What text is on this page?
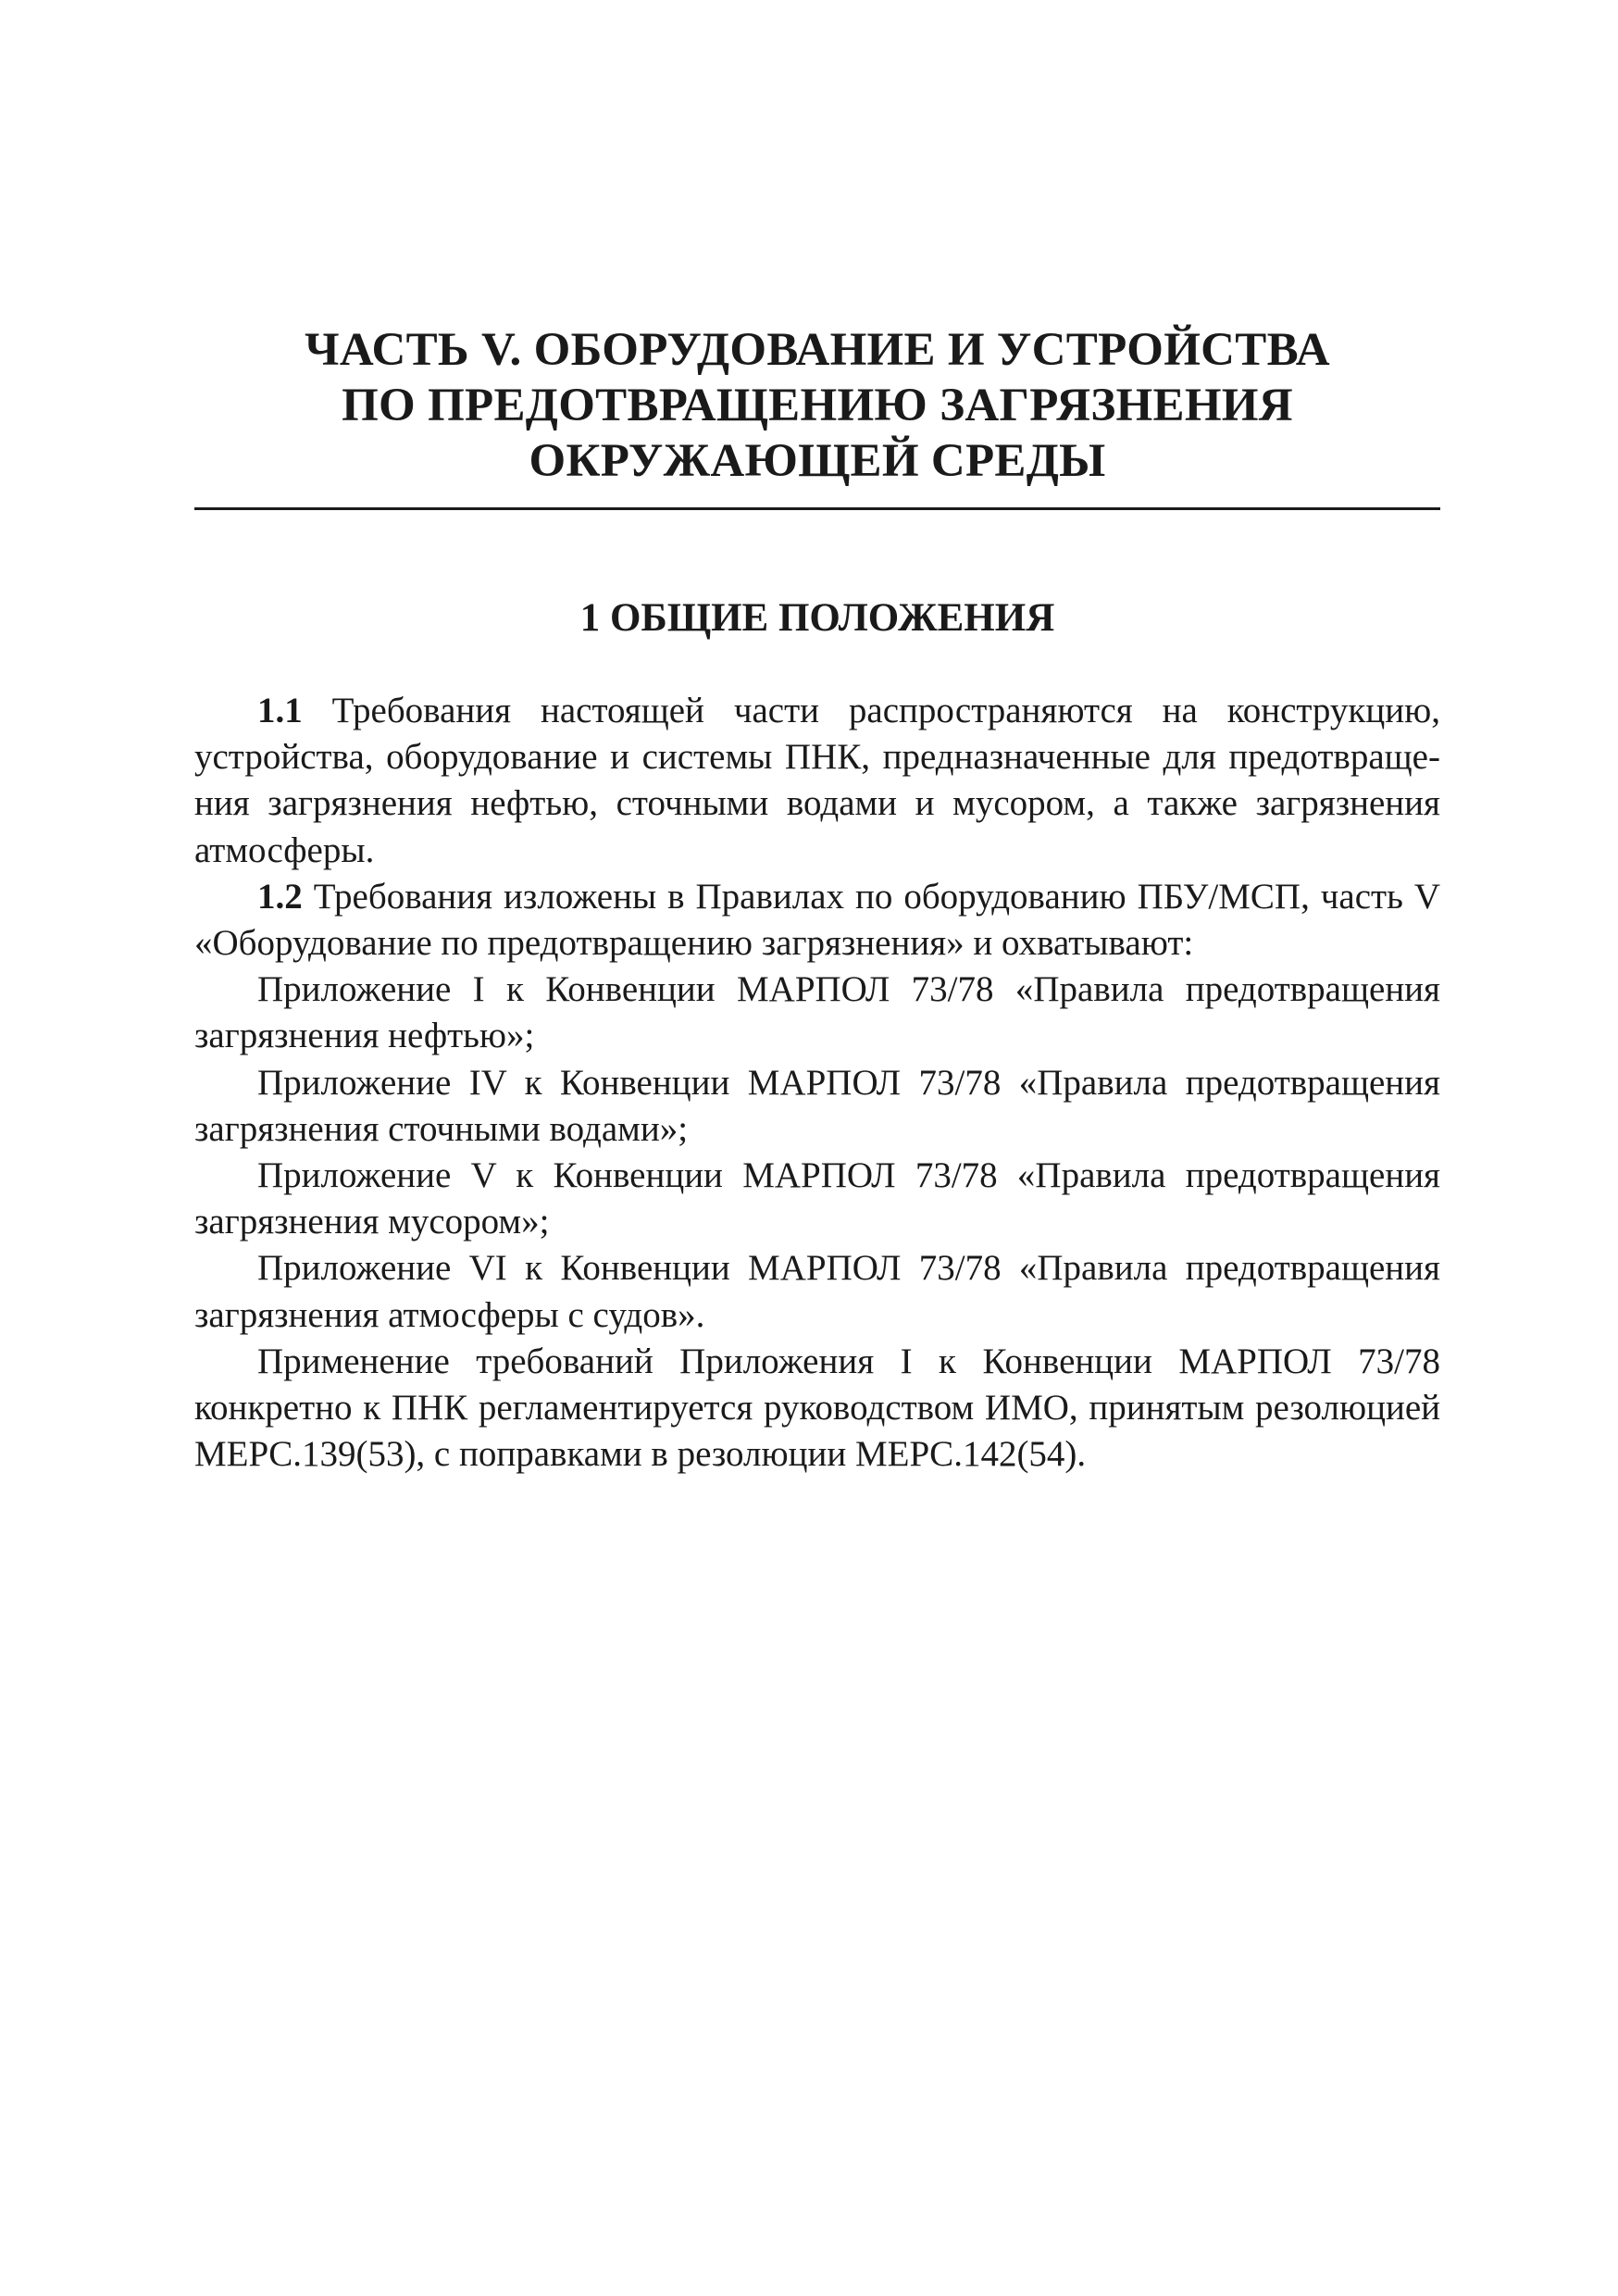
ЧАСТЬ V. ОБОРУДОВАНИЕ И УСТРОЙСТВА
ПО ПРЕДОТВРАЩЕНИЮ ЗАГРЯЗНЕНИЯ
ОКРУЖАЮЩЕЙ СРЕДЫ
1 ОБЩИЕ ПОЛОЖЕНИЯ

1.1 Требования настоящей части распространяются на конструкцию, устройства, оборудование и системы ПНК, предназначенные для предотвращения загрязнения нефтью, сточными водами и мусором, а также загрязнения атмосферы.

1.2 Требования изложены в Правилах по оборудованию ПБУ/МСП, часть V «Оборудование по предотвращению загрязнения» и охватывают:

Приложение I к Конвенции МАРПОЛ 73/78 «Правила предотвращения загрязнения нефтью»;

Приложение IV к Конвенции МАРПОЛ 73/78 «Правила предотвращения загрязнения сточными водами»;

Приложение V к Конвенции МАРПОЛ 73/78 «Правила предотвращения загрязнения мусором»;

Приложение VI к Конвенции МАРПОЛ 73/78 «Правила предотвращения загрязнения атмосферы с судов».

Применение требований Приложения I к Конвенции МАРПОЛ 73/78 конкретно к ПНК регламентируется руководством ИМО, принятым резолюцией MEPC.139(53), с поправками в резолюции MEPC.142(54).
